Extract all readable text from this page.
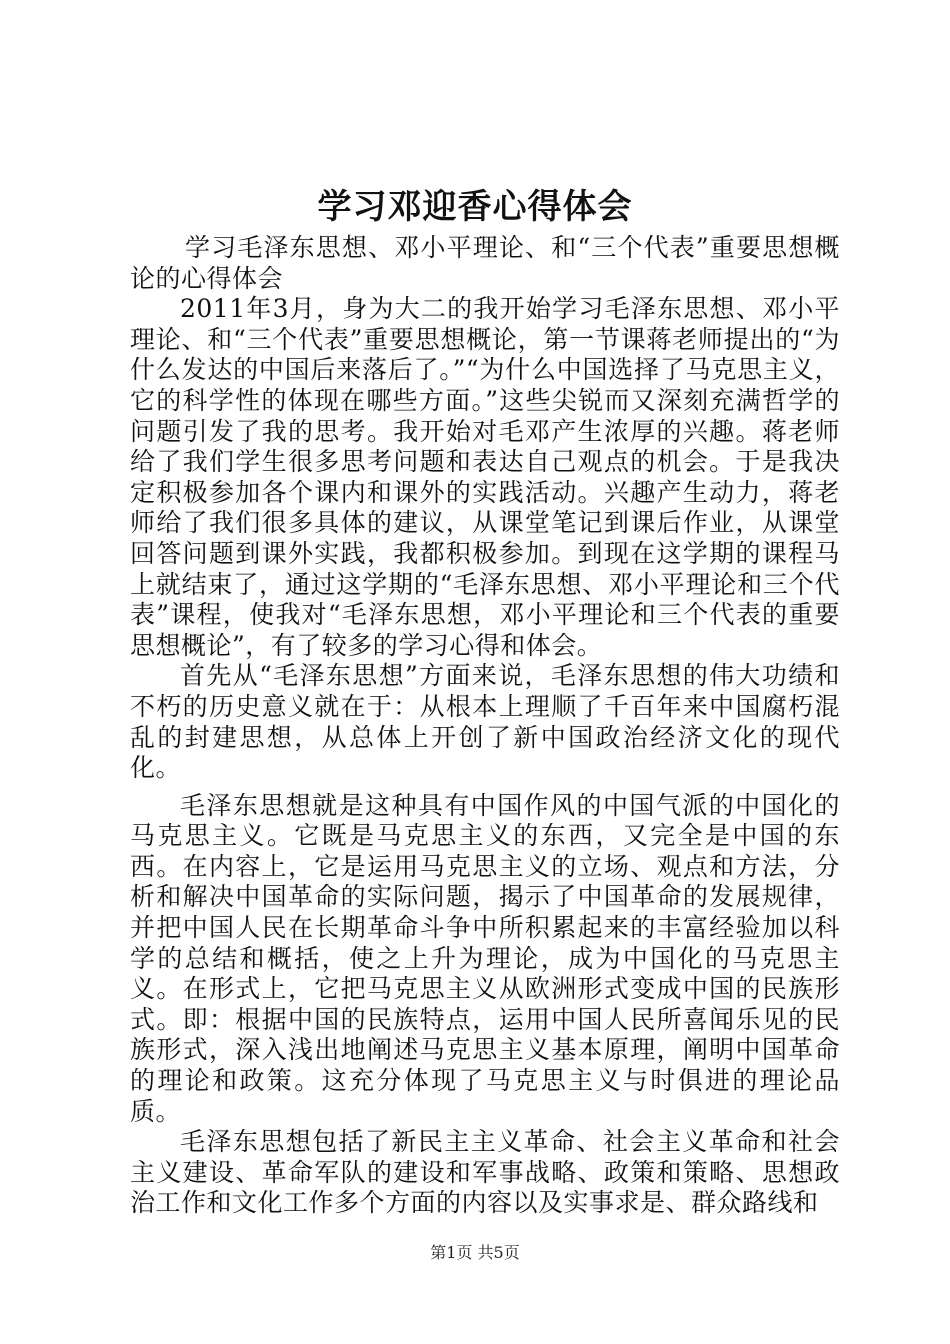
学习邓迎香心得体会

学习毛泽东思想、邓小平理论、和“三个代表”重要思想概论的心得体会

2011年3月，身为大二的我开始学习毛泽东思想、邓小平理论、和“三个代表”重要思想概论，第一节课蒋老师提出的“为什么发达的中国后来落后了。”“为什么中国选择了马克思主义，它的科学性的体现在哪些方面。”这些尖锐而又深刻充满哲学的问题引发了我的思考。我开始对毛邓产生浓厚的兴趣。蒋老师给了我们学生很多思考问题和表达自己观点的机会。于是我决定积极参加各个课内和课外的实践活动。兴趣产生动力，蒋老师给了我们很多具体的建议，从课堂笔记到课后作业，从课堂回答问题到课外实践，我都积极参加。到现在这学期的课程马上就结束了，通过这学期的“毛泽东思想、邓小平理论和三个代表”课程，使我对“毛泽东思想，邓小平理论和三个代表的重要思想概论”，有了较多的学习心得和体会。

首先从“毛泽东思想”方面来说，毛泽东思想的伟大功绩和不朽的历史意义就在于：从根本上理顺了千百年来中国腐朽混乱的封建思想，从总体上开创了新中国政治经济文化的现代化。

毛泽东思想就是这种具有中国作风的中国气派的中国化的马克思主义。它既是马克思主义的东西，又完全是中国的东西。在内容上，它是运用马克思主义的立场、观点和方法，分析和解决中国革命的实际问题，揭示了中国革命的发展规律，并把中国人民在长期革命斗争中所积累起来的丰富经验加以科学的总结和概括，使之上升为理论，成为中国化的马克思主义。在形式上，它把马克思主义从欧洲形式变成中国的民族形式。即：根据中国的民族特点，运用中国人民所喜闻乐见的民族形式，深入浅出地阐述马克思主义基本原理，阐明中国革命的理论和政策。这充分体现了马克思主义与时俱进的理论品质。

毛泽东思想包括了新民主主义革命、社会主义革命和社会主义建设、革命军队的建设和军事战略、政策和策略、思想政治工作和文化工作多个方面的内容以及实事求是、群众路线和

第1页 共5页
